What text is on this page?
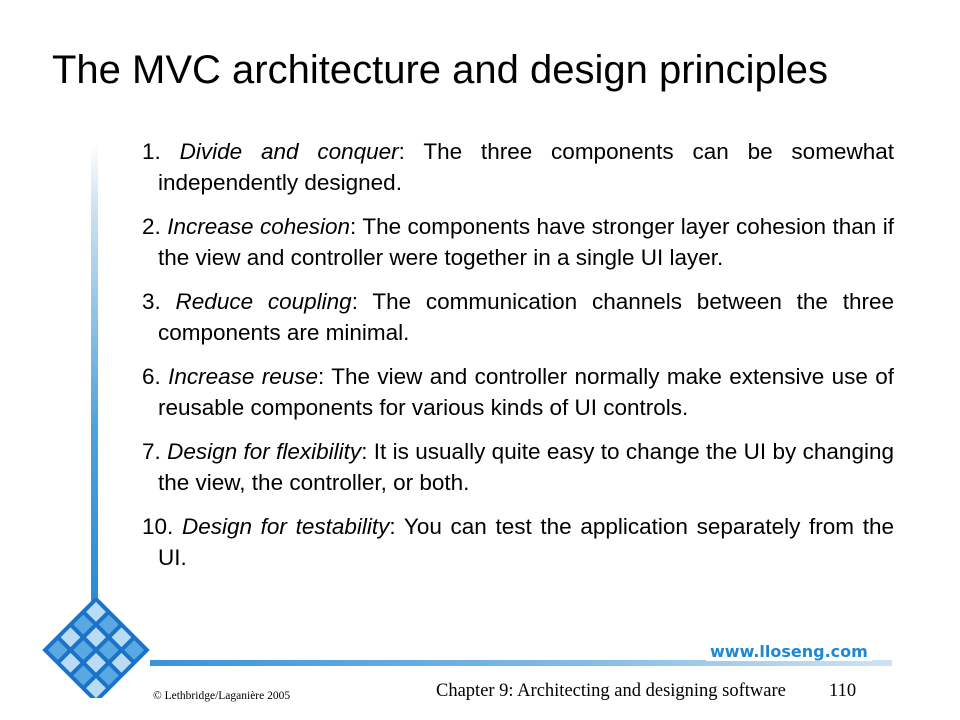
The MVC architecture and design principles
www.lloseng.com

1. Divide and conquer: The three components can be somewhat independently designed.

2. Increase cohesion: The components have stronger layer cohesion than if the view and controller were together in a single UI layer.

3. Reduce coupling: The communication channels between the three components are minimal.

6. Increase reuse: The view and controller normally make extensive use of reusable components for various kinds of UI controls.

7. Design for flexibility: It is usually quite easy to change the UI by changing the view, the controller, or both.

10. Design for testability: You can test the application separately from the UI.

© Lethbridge/Laganière 2005	Chapter 9: Architecting and designing software 110
